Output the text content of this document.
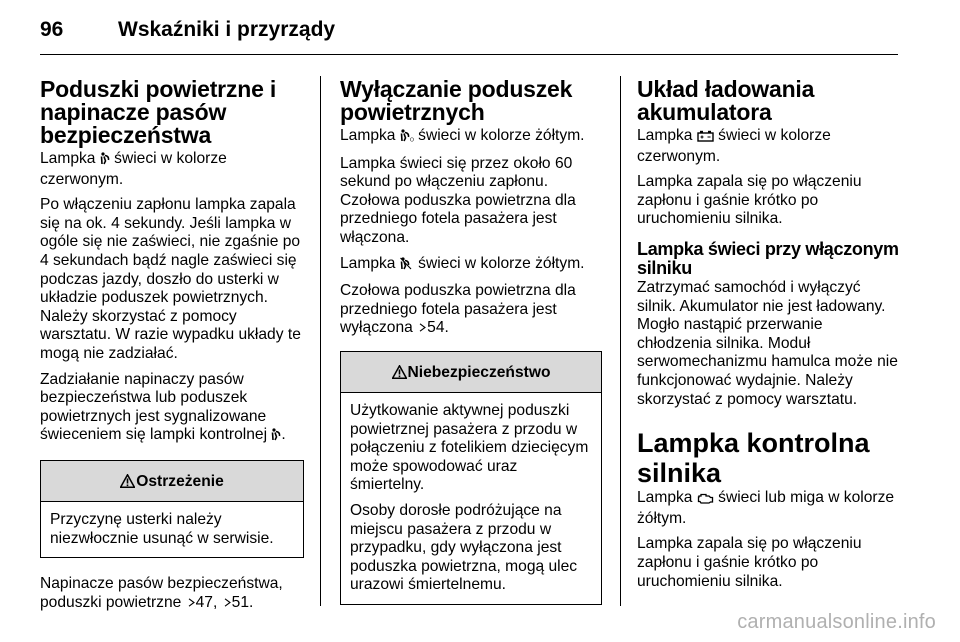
96	Wskaźniki i przyrządy
Poduszki powietrzne i napinacze pasów bezpieczeństwa

Lampka  świeci w kolorze czerwonym.

Po włączeniu zapłonu lampka zapala się na ok. 4 sekundy. Jeśli lampka w ogóle się nie zaświeci, nie zgaśnie po 4 sekundach bądź nagle zaświeci się podczas jazdy, doszło do usterki w układzie poduszek powietrznych. Należy skorzystać z pomocy warsztatu. W razie wypadku układy te mogą nie zadziałać.

Zadziałanie napinaczy pasów bezpieczeństwa lub poduszek powietrznych jest sygnalizowane świeceniem się lampki kontrolnej .

Ostrzeżenie

Przyczynę usterki należy niezwłocznie usunąć w serwisie.

Napinacze pasów bezpieczeństwa, poduszki powietrzne 47, 51.

Wyłączanie poduszek powietrznych

Lampka O świeci w kolorze żółtym.

Lampka świeci się przez około 60 sekund po włączeniu zapłonu. Czołowa poduszka powietrzna dla przedniego fotela pasażera jest włączona.

Lampka  świeci w kolorze żółtym.

Czołowa poduszka powietrzna dla przedniego fotela pasażera jest wyłączona 54.

Niebezpieczeństwo

Użytkowanie aktywnej poduszki powietrznej pasażera z przodu w połączeniu z fotelikiem dziecięcym może spowodować uraz śmiertelny.

Osoby dorosłe podróżujące na miejscu pasażera z przodu w przypadku, gdy wyłączona jest poduszka powietrzna, mogą ulec urazowi śmiertelnemu.

Układ ładowania akumulatora

Lampka  świeci w kolorze czerwonym.

Lampka zapala się po włączeniu zapłonu i gaśnie krótko po uruchomieniu silnika.

Lampka świeci przy włączonym silniku

Zatrzymać samochód i wyłączyć silnik. Akumulator nie jest ładowany. Mogło nastąpić przerwanie chłodzenia silnika. Moduł serwomechanizmu hamulca może nie funkcjonować wydajnie. Należy skorzystać z pomocy warsztatu.

Lampka kontrolna silnika

Lampka  świeci lub miga w kolorze żółtym.

Lampka zapala się po włączeniu zapłonu i gaśnie krótko po uruchomieniu silnika.

carmanualsonline.info
